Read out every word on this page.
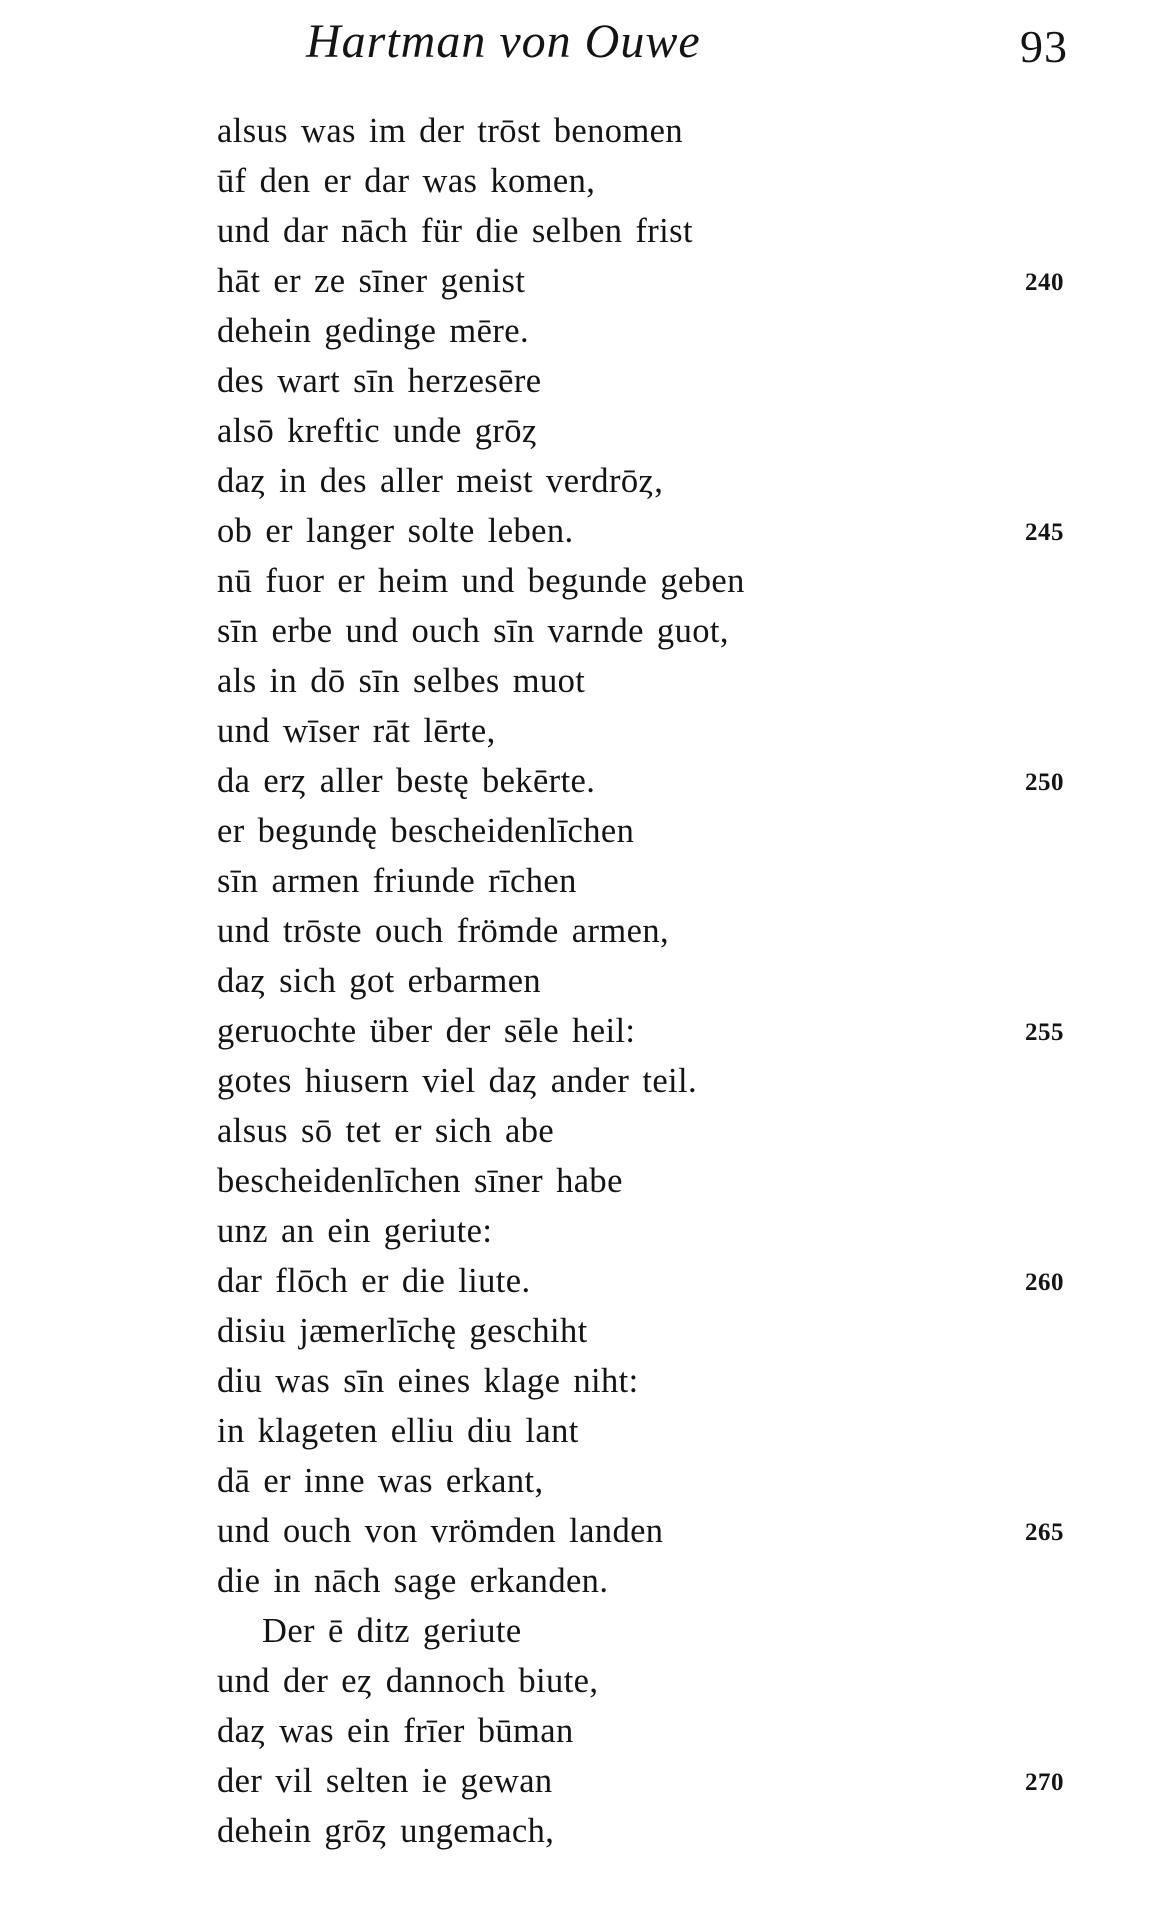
Hartman von Ouwe	93
alsus was im der trōst benomen
ūf den er dar was komen,
und dar nāch für die selben frist
hāt er ze sīner genist	240
dehein gedinge mēre.
des wart sīn herzesēre
alsō kreftic unde grōȥ
daȥ in des aller meist verdrōȥ,
ob er langer solte leben.	245
nū fuor er heim und begunde geben
sīn erbe und ouch sīn varnde guot,
als in dō sīn selbes muot
und wīser rāt lērte,
da erȥ aller bestę bekērte.	250
er begundę bescheidenlīchen
sīn armen friunde rīchen
und trōste ouch frömde armen,
daȥ sich got erbarmen
geruochte über der sēle heil:	255
gotes hiusern viel daȥ ander teil.
alsus sō tet er sich abe
bescheidenlīchen sīner habe
unz an ein geriute:
dar flōch er die liute.	260
disiu jæmerlīchę geschiht
diu was sīn eines klage niht:
in klageten elliu diu lant
dā er inne was erkant,
und ouch von vrömden landen	265
die in nāch sage erkanden.
Der ē ditz geriute
und der eȥ dannoch biute,
daȥ was ein frīer būman
der vil selten ie gewan	270
dehein grōȥ ungemach,
